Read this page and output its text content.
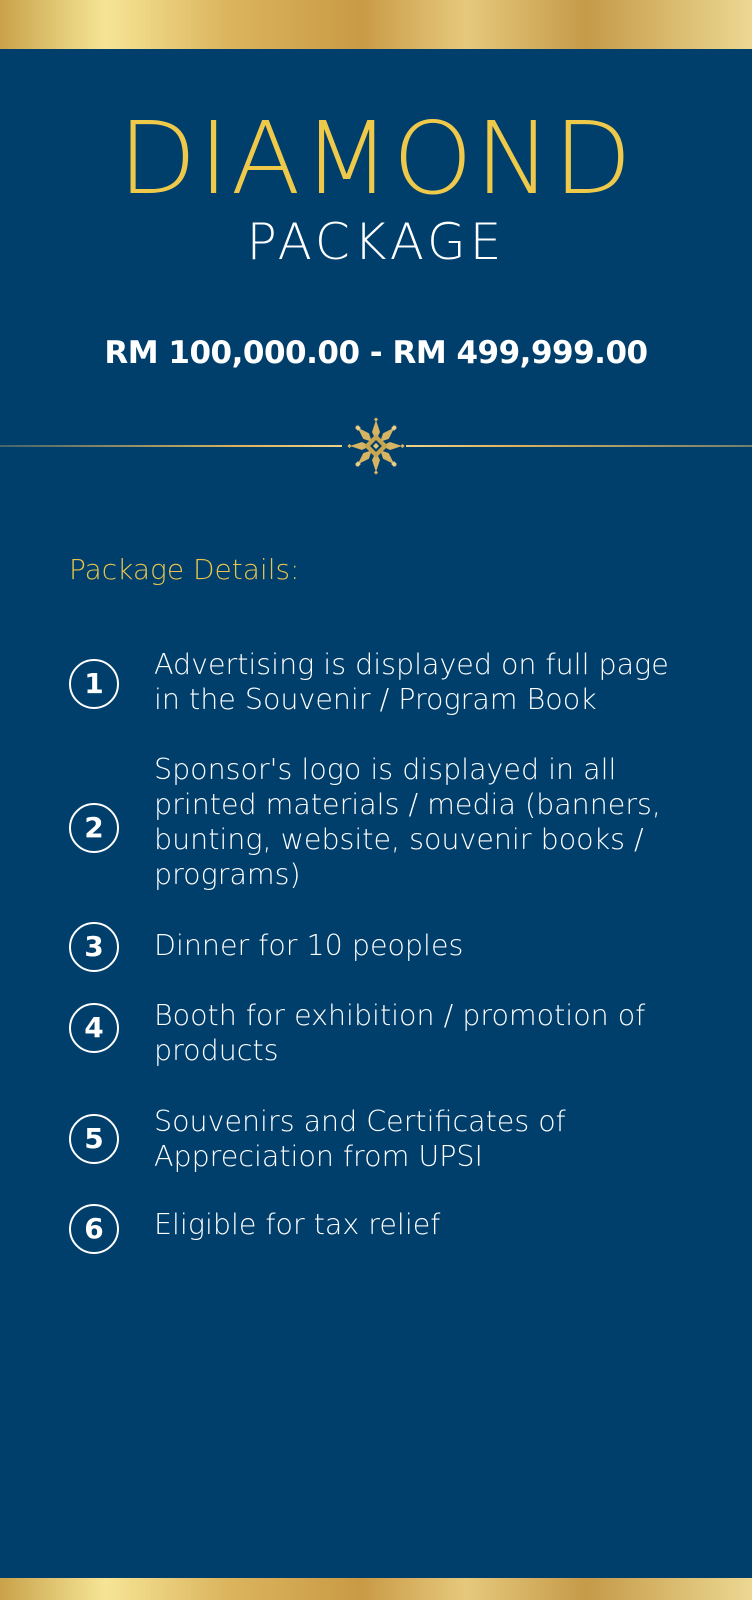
DIAMOND
PACKAGE
RM 100,000.00 - RM 499,999.00
Package Details:
1
Advertising is displayed on full page in the Souvenir / Program Book
2
Sponsor's logo is displayed in all printed materials / media (banners, bunting, website, souvenir books / programs)
3	Dinner for 10 peoples
4	Booth for exhibition / promotion of products
5
Souvenirs and Certificates of Appreciation from UPSI
6	Eligible for tax relief
